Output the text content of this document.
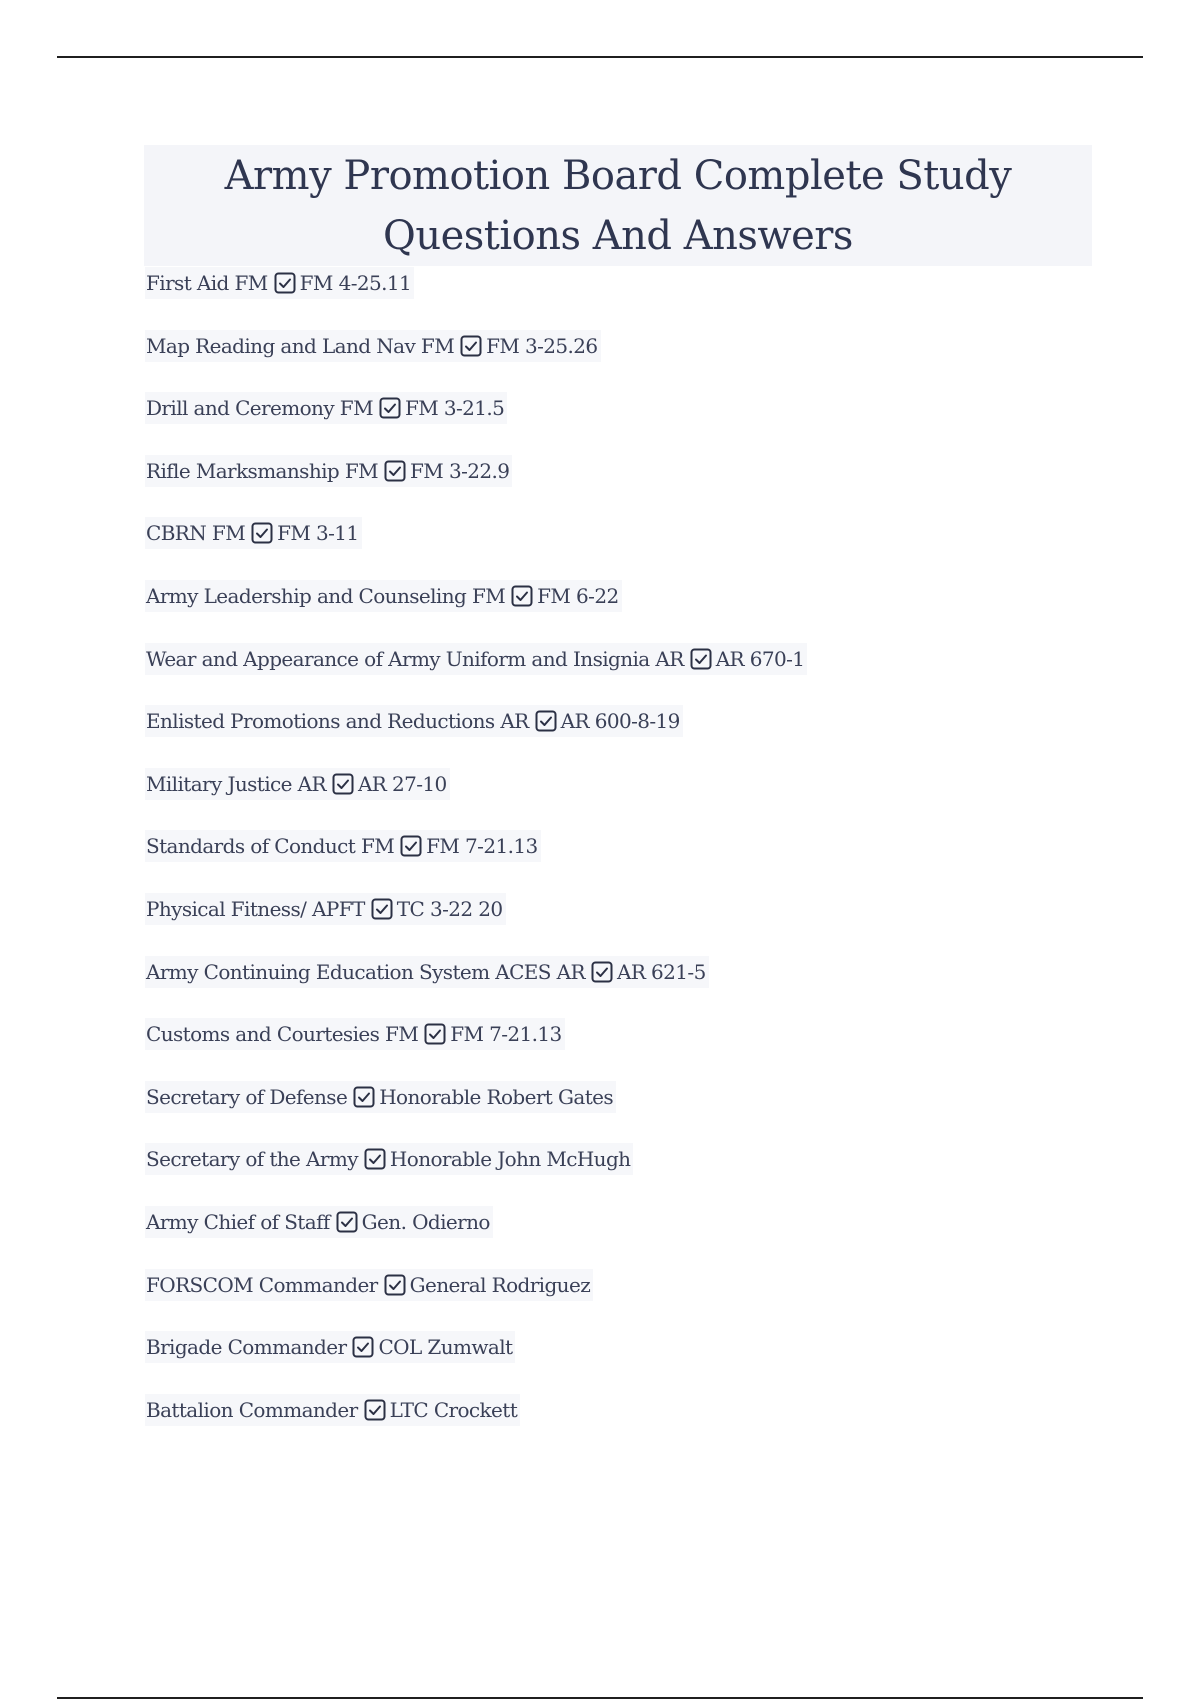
Army Promotion Board Complete Study Questions And Answers
First Aid FM FM 4-25.11
Map Reading and Land Nav FM FM 3-25.26
Drill and Ceremony FM FM 3-21.5
Rifle Marksmanship FM FM 3-22.9
CBRN FM FM 3-11
Army Leadership and Counseling FM FM 6-22
Wear and Appearance of Army Uniform and Insignia AR AR 670-1
Enlisted Promotions and Reductions AR AR 600-8-19
Military Justice AR AR 27-10
Standards of Conduct FM FM 7-21.13
Physical Fitness/ APFT TC 3-22 20
Army Continuing Education System ACES AR AR 621-5
Customs and Courtesies FM FM 7-21.13
Secretary of Defense Honorable Robert Gates
Secretary of the Army Honorable John McHugh
Army Chief of Staff Gen. Odierno
FORSCOM Commander General Rodriguez
Brigade Commander COL Zumwalt
Battalion Commander LTC Crockett
